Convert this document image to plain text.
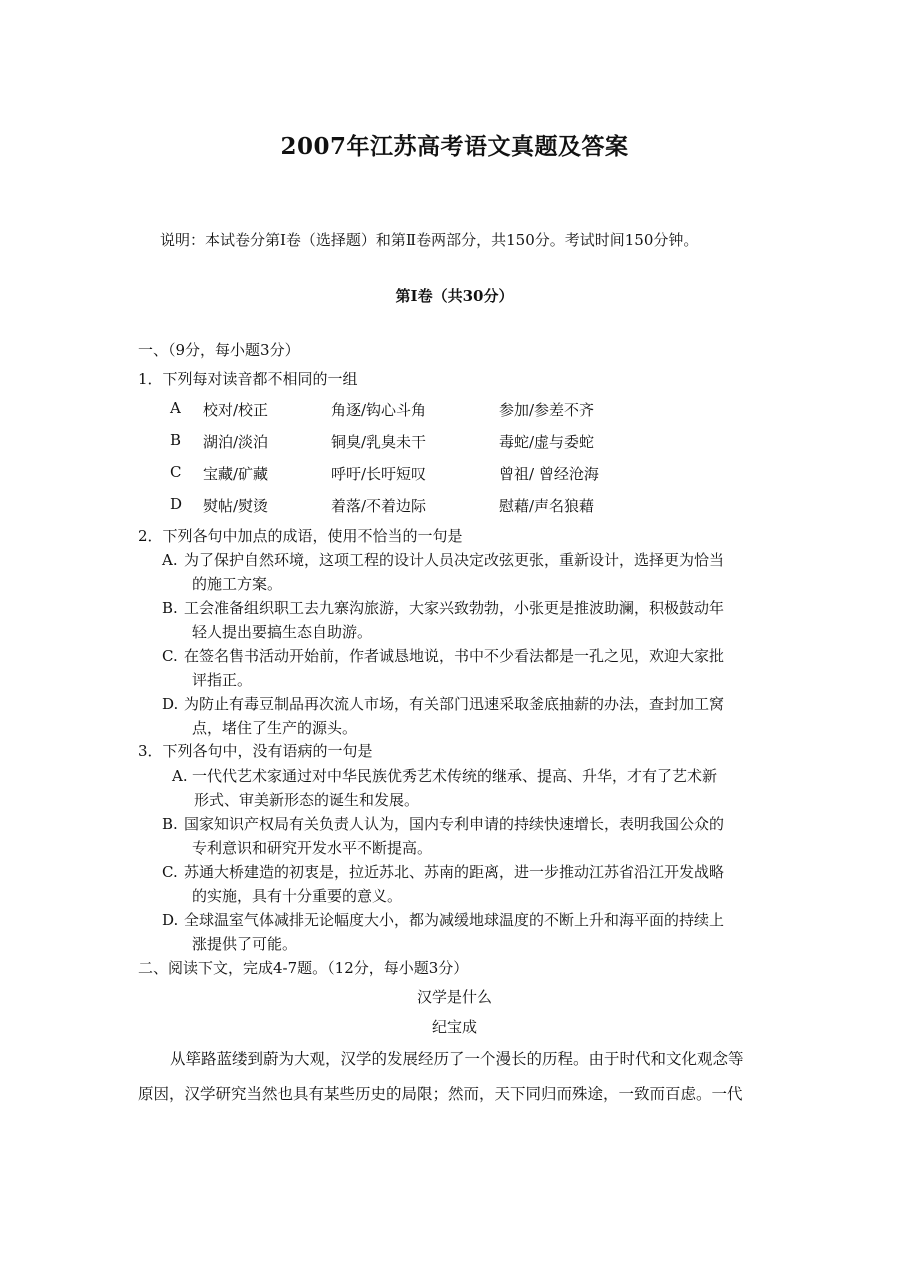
2007年江苏高考语文真题及答案
说明：本试卷分第Ⅰ卷（选择题）和第Ⅱ卷两部分，共150分。考试时间150分钟。
第Ⅰ卷（共30分）
一、（9分，每小题3分）
1．下列每对读音都不相同的一组
A 校对/校正	角逐/钩心斗角	参加/参差不齐
B 湖泊/淡泊	铜臭/乳臭未干	毒蛇/虚与委蛇
C 宝藏/矿藏	呼吁/长吁短叹	曾祖/ 曾经沧海
D 熨帖/熨烫	着落/不着边际	慰藉/声名狼藉
2．下列各句中加点的成语，使用不恰当的一句是
A. 为了保护自然环境，这项工程的设计人员决定改弦更张，重新设计，选择更为恰当
的施工方案。
B. 工会准备组织职工去九寨沟旅游，大家兴致勃勃，小张更是推波助澜，积极鼓动年
轻人提出要搞生态自助游。
C. 在签名售书活动开始前，作者诚恳地说，书中不少看法都是一孔之见，欢迎大家批
评指正。
D. 为防止有毒豆制品再次流人市场，有关部门迅速采取釜底抽薪的办法，查封加工窝
点，堵住了生产的源头。
3．下列各句中，没有语病的一句是
A. 一代代艺术家通过对中华民族优秀艺术传统的继承、提高、升华，才有了艺术新
形式、审美新形态的诞生和发展。
B. 国家知识产权局有关负责人认为，国内专利申请的持续快速增长，表明我国公众的
专利意识和研究开发水平不断提高。
C. 苏通大桥建造的初衷是，拉近苏北、苏南的距离，进一步推动江苏省沿江开发战略
的实施，具有十分重要的意义。
D. 全球温室气体减排无论幅度大小，都为减缓地球温度的不断上升和海平面的持续上
涨提供了可能。
二、阅读下文，完成4-7题。（12分，每小题3分）
汉学是什么
纪宝成
从筚路蓝缕到蔚为大观，汉学的发展经历了一个漫长的历程。由于时代和文化观念等
原因，汉学研究当然也具有某些历史的局限；然而，天下同归而殊途，一致而百虑。一代
